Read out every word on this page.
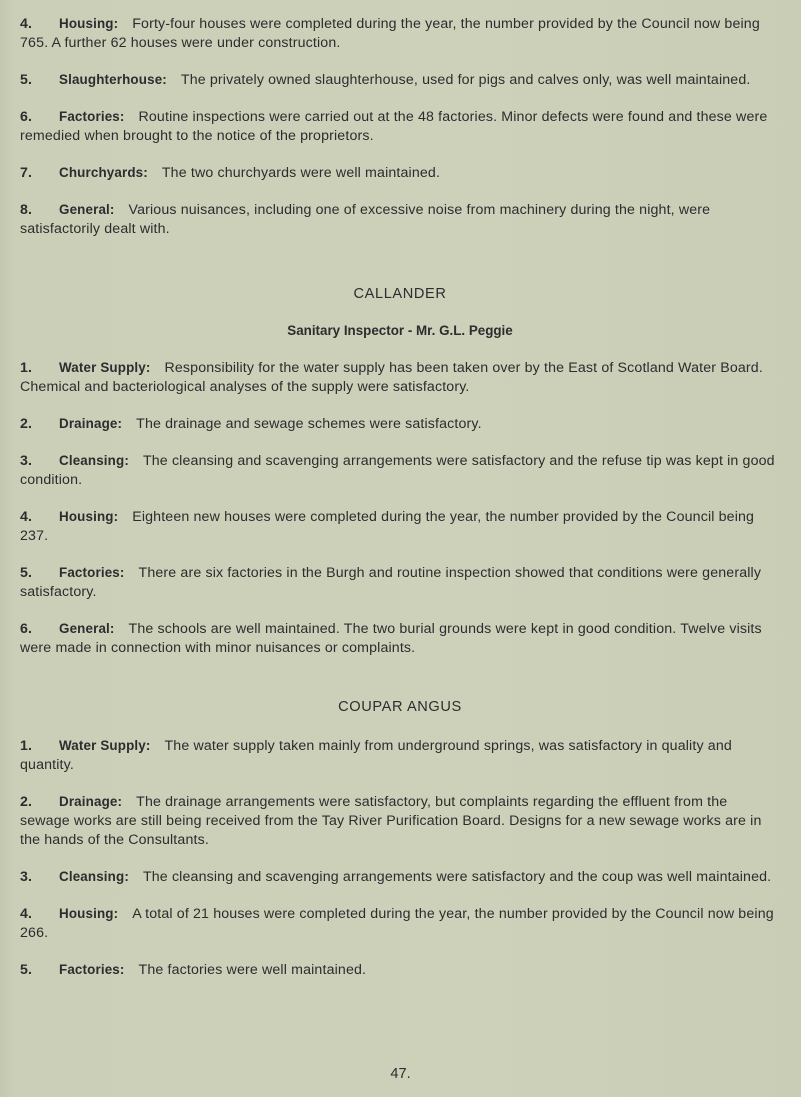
4. Housing: Forty-four houses were completed during the year, the number provided by the Council now being 765. A further 62 houses were under construction.

5. Slaughterhouse: The privately owned slaughterhouse, used for pigs and calves only, was well maintained.

6. Factories: Routine inspections were carried out at the 48 factories. Minor defects were found and these were remedied when brought to the notice of the proprietors.

7. Churchyards: The two churchyards were well maintained.

8. General: Various nuisances, including one of excessive noise from machinery during the night, were satisfactorily dealt with.

CALLANDER
Sanitary Inspector - Mr. G.L. Peggie

1. Water Supply: Responsibility for the water supply has been taken over by the East of Scotland Water Board. Chemical and bacteriological analyses of the supply were satisfactory.

2. Drainage: The drainage and sewage schemes were satisfactory.

3. Cleansing: The cleansing and scavenging arrangements were satisfactory and the refuse tip was kept in good condition.

4. Housing: Eighteen new houses were completed during the year, the number provided by the Council being 237.

5. Factories: There are six factories in the Burgh and routine inspection showed that conditions were generally satisfactory.

6. General: The schools are well maintained. The two burial grounds were kept in good condition. Twelve visits were made in connection with minor nuisances or complaints.

COUPAR ANGUS

1. Water Supply: The water supply taken mainly from underground springs, was satisfactory in quality and quantity.

2. Drainage: The drainage arrangements were satisfactory, but complaints regarding the effluent from the sewage works are still being received from the Tay River Purification Board. Designs for a new sewage works are in the hands of the Consultants.

3. Cleansing: The cleansing and scavenging arrangements were satisfactory and the coup was well maintained.

4. Housing: A total of 21 houses were completed during the year, the number provided by the Council now being 266.

5. Factories: The factories were well maintained.

47.
